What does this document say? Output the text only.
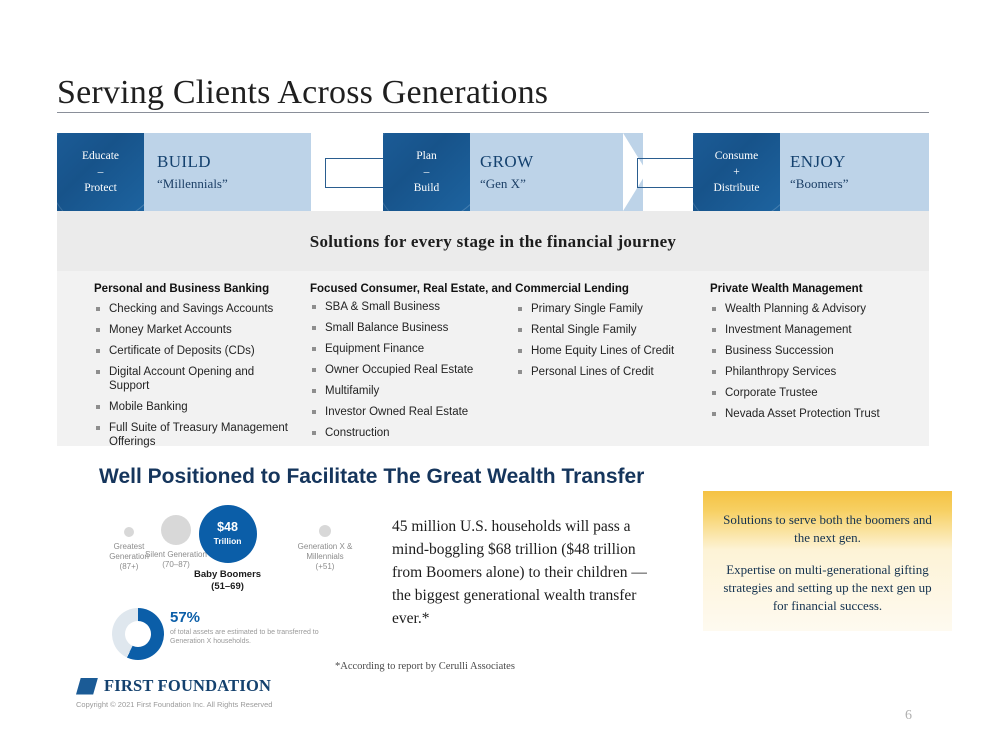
Serving Clients Across Generations
Educate
–
Protect
BUILD
“Millennials”
Plan
–
Build
GROW
“Gen X”
Consume
+
Distribute
ENJOY
“Boomers”
Solutions for every stage in the financial journey
Personal and Business Banking
Checking and Savings Accounts
Money Market Accounts
Certificate of Deposits (CDs)
Digital Account Opening and Support
Mobile Banking
Full Suite of Treasury Management Offerings
Focused Consumer, Real Estate, and Commercial Lending
SBA & Small Business
Small Balance Business
Equipment Finance
Owner Occupied Real Estate
Multifamily
Investor Owned Real Estate
Construction
Primary Single Family
Rental Single Family
Home Equity Lines of Credit
Personal Lines of Credit
Private Wealth Management
Wealth Planning & Advisory
Investment Management
Business Succession
Philanthropy Services
Corporate Trustee
Nevada Asset Protection Trust
Well Positioned to Facilitate The Great Wealth Transfer
Greatest Generation
(87+)
Silent Generation
(70–87)
$48
Trillion
Baby Boomers
(51–69)
Generation X & Millennials
(+51)
57%
of total assets are estimated to be transferred to Generation X households.
45 million U.S. households will pass a mind-boggling $68 trillion ($48 trillion from Boomers alone) to their children — the biggest generational wealth transfer ever.*
*According to report by Cerulli Associates

Solutions to serve both the boomers and the next gen.

Expertise on multi-generational gifting strategies and setting up the next gen up for financial success.

FIRST FOUNDATION
Copyright © 2021 First Foundation Inc. All Rights Reserved
6
